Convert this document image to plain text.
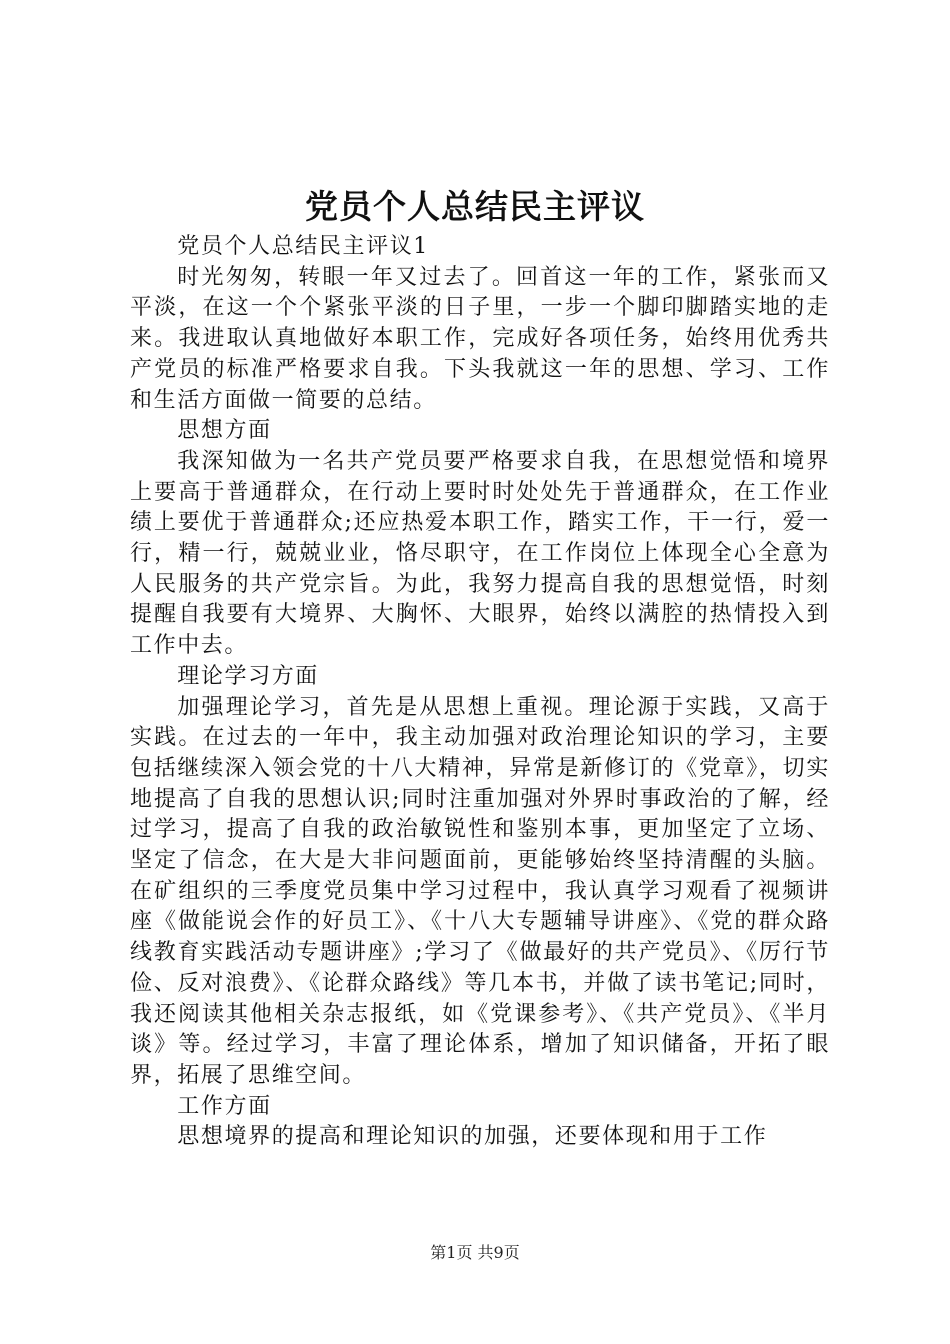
党员个人总结民主评议

党员个人总结民主评议1

时光匆匆，转眼一年又过去了。回首这一年的工作，紧张而又平淡，在这一个个紧张平淡的日子里，一步一个脚印脚踏实地的走来。我进取认真地做好本职工作，完成好各项任务，始终用优秀共产党员的标准严格要求自我。下头我就这一年的思想、学习、工作和生活方面做一简要的总结。

思想方面

我深知做为一名共产党员要严格要求自我，在思想觉悟和境界上要高于普通群众，在行动上要时时处处先于普通群众，在工作业绩上要优于普通群众;还应热爱本职工作，踏实工作，干一行，爱一行，精一行，兢兢业业，恪尽职守，在工作岗位上体现全心全意为人民服务的共产党宗旨。为此，我努力提高自我的思想觉悟，时刻提醒自我要有大境界、大胸怀、大眼界，始终以满腔的热情投入到工作中去。

理论学习方面

加强理论学习，首先是从思想上重视。理论源于实践，又高于实践。在过去的一年中，我主动加强对政治理论知识的学习，主要包括继续深入领会党的十八大精神，异常是新修订的《党章》，切实地提高了自我的思想认识;同时注重加强对外界时事政治的了解，经过学习，提高了自我的政治敏锐性和鉴别本事，更加坚定了立场、坚定了信念，在大是大非问题面前，更能够始终坚持清醒的头脑。在矿组织的三季度党员集中学习过程中，我认真学习观看了视频讲座《做能说会作的好员工》、《十八大专题辅导讲座》、《党的群众路线教育实践活动专题讲座》;学习了《做最好的共产党员》、《厉行节俭、反对浪费》、《论群众路线》等几本书，并做了读书笔记;同时，我还阅读其他相关杂志报纸，如《党课参考》、《共产党员》、《半月谈》等。经过学习，丰富了理论体系，增加了知识储备，开拓了眼界，拓展了思维空间。

工作方面

思想境界的提高和理论知识的加强，还要体现和用于工作

第1页 共9页
